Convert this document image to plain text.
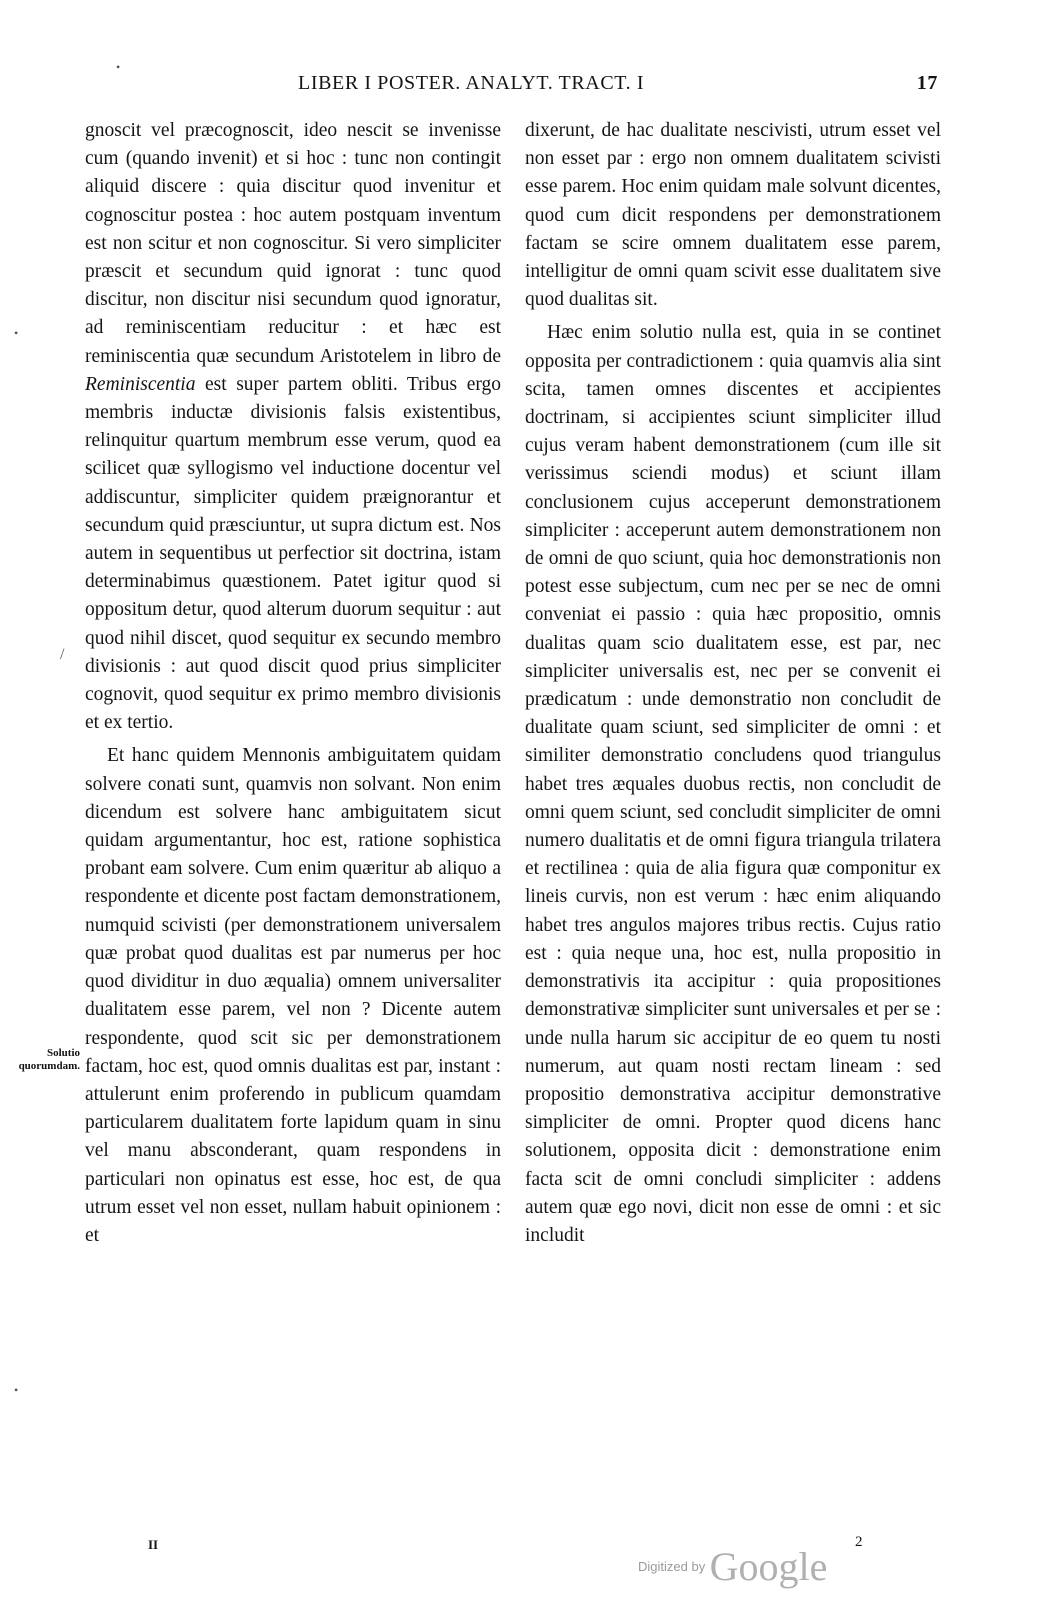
LIBER I POSTER. ANALYT. TRACT. I	17
•
•
/
•

gnoscit vel præcognoscit, ideo nescit se invenisse cum (quando invenit) et si hoc : tunc non contingit aliquid discere : quia discitur quod invenitur et cognoscitur postea : hoc autem postquam inventum est non scitur et non cognoscitur. Si vero simpliciter præscit et secundum quid ignorat : tunc quod discitur, non discitur nisi secundum quod ignoratur, ad reminiscentiam reducitur : et hæc est reminiscentia quæ secundum Aristotelem in libro de Reminiscentia est super partem obliti. Tribus ergo membris inductæ divisionis falsis existentibus, relinquitur quartum membrum esse verum, quod ea scilicet quæ syllogismo vel inductione docentur vel addiscuntur, simpliciter quidem præignorantur et secundum quid præsciuntur, ut supra dictum est. Nos autem in sequentibus ut perfectior sit doctrina, istam determinabimus quæstionem. Patet igitur quod si oppositum detur, quod alterum duorum sequitur : aut quod nihil discet, quod sequitur ex secundo membro divisionis : aut quod discit quod prius simpliciter cognovit, quod sequitur ex primo membro divisionis et ex tertio.

Et hanc quidem Mennonis ambiguitatem quidam solvere conati sunt, quamvis non solvant. Non enim dicendum est solvere hanc ambiguitatem sicut quidam argumentantur, hoc est, ratione sophistica probant eam solvere. Cum enim quæritur ab aliquo a respondente et dicente post factam demonstrationem, numquid scivisti (per demonstrationem universalem quæ probat quod dualitas est par numerus per hoc quod dividitur in duo æqualia) omnem universaliter dualitatem esse parem, vel non ? Dicente autem respondente, quod scit sic per demonstrationem factam, hoc est, quod omnis dualitas est par, instant : attulerunt enim proferendo in publicum quamdam particularem dualitatem forte lapidum quam in sinu vel manu absconderant, quam respondens in particulari non opinatus est esse, hoc est, de qua utrum esset vel non esset, nullam habuit opinionem : et

Solutio quorumdam.

dixerunt, de hac dualitate nescivisti, utrum esset vel non esset par : ergo non omnem dualitatem scivisti esse parem. Hoc enim quidam male solvunt dicentes, quod cum dicit respondens per demonstrationem factam se scire omnem dualitatem esse parem, intelligitur de omni quam scivit esse dualitatem sive quod dualitas sit.

Hæc enim solutio nulla est, quia in se continet opposita per contradictionem : quia quamvis alia sint scita, tamen omnes discentes et accipientes doctrinam, si accipientes sciunt simpliciter illud cujus veram habent demonstrationem (cum ille sit verissimus sciendi modus) et sciunt illam conclusionem cujus acceperunt demonstrationem simpliciter : acceperunt autem demonstrationem non de omni de quo sciunt, quia hoc demonstrationis non potest esse subjectum, cum nec per se nec de omni conveniat ei passio : quia hæc propositio, omnis dualitas quam scio dualitatem esse, est par, nec simpliciter universalis est, nec per se convenit ei prædicatum : unde demonstratio non concludit de dualitate quam sciunt, sed simpliciter de omni : et similiter demonstratio concludens quod triangulus habet tres æquales duobus rectis, non concludit de omni quem sciunt, sed concludit simpliciter de omni numero dualitatis et de omni figura triangula trilatera et rectilinea : quia de alia figura quæ componitur ex lineis curvis, non est verum : hæc enim aliquando habet tres angulos majores tribus rectis. Cujus ratio est : quia neque una, hoc est, nulla propositio in demonstrativis ita accipitur : quia propositiones demonstrativæ simpliciter sunt universales et per se : unde nulla harum sic accipitur de eo quem tu nosti numerum, aut quam nosti rectam lineam : sed propositio demonstrativa accipitur demonstrative simpliciter de omni. Propter quod dicens hanc solutionem, opposita dicit : demonstratione enim facta scit de omni concludi simpliciter : addens autem quæ ego novi, dicit non esse de omni : et sic includit

II	2
Digitized by Google
